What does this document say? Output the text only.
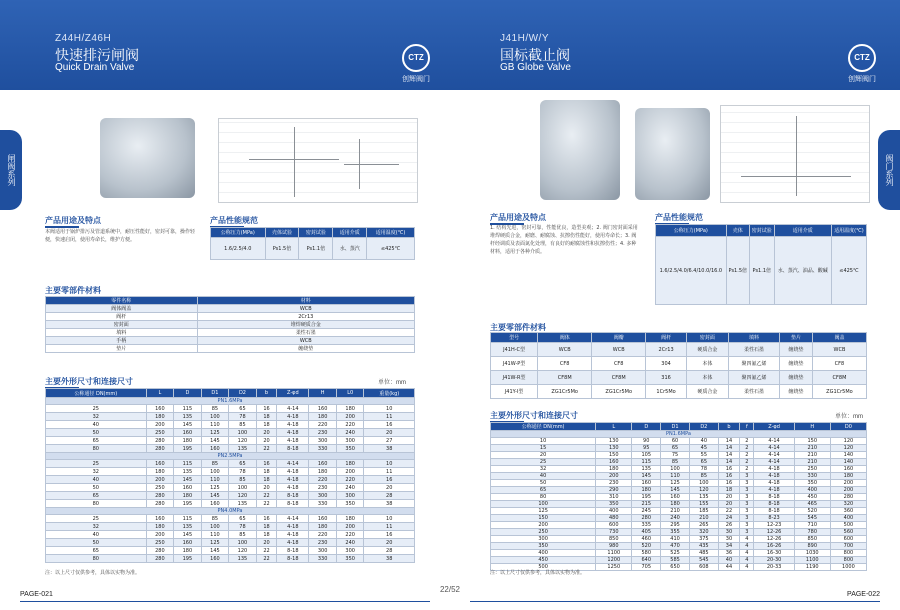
Z44H/Z46H
快速排污闸阀
Quick Drain Valve
闸阀系列
产品用途及特点
本阀适用于锅炉排污及管道系统中，耐压性能好，密封可靠，操作轻便，快速启闭，使用寿命长，维护方便。
产品性能规范
公称压力(MPa)	壳体试验	密封试验	适用介质	适用温度(℃)
1.6/2.5/4.0	Ps1.5倍	Ps1.1倍	水、蒸汽	≤425℃
主要零部件材料
零件名称	材料
阀体阀盖	WCB
阀杆	2Cr13
密封面	堆焊硬质合金
填料	柔性石墨
手柄	WCB
垫片	缠绕垫
主要外形尺寸和连接尺寸	单位：mm
公称通径 DN(mm)	L	D	D1	D2	b	Z-φd	H	L0	重量(kg)
PN1.6MPa									
25	160	115	85	65	16	4-14	160	180	10
32	180	135	100	78	18	4-18	180	200	11
40	200	145	110	85	18	4-18	220	220	16
50	250	160	125	100	20	4-18	230	240	20
65	280	180	145	120	20	4-18	300	300	27
80	280	195	160	135	22	8-18	330	350	38
PN2.5MPa									
25	160	115	85	65	16	4-14	160	180	10
32	180	135	100	78	18	4-18	180	200	11
40	200	145	110	85	18	4-18	220	220	16
50	250	160	125	100	20	4-18	230	240	20
65	280	180	145	120	22	8-18	300	300	28
80	280	195	160	135	22	8-18	330	350	38
PN4.0MPa									
25	160	115	85	65	16	4-14	160	180	10
32	180	135	100	78	18	4-18	180	200	11
40	200	145	110	85	18	4-18	220	220	16
50	250	160	125	100	20	4-18	230	240	20
65	280	180	145	120	22	8-18	300	300	28
80	280	195	160	135	22	8-18	330	350	38
注：以上尺寸仅供参考，具体以实物为准。
PAGE-021
J41H/W/Y
国标截止阀
GB Globe Valve
阀门系列
产品用途及特点
1. 结构先进，密封可靠，性能优良，造型美观；2. 阀门密封面采用堆焊硬质合金，耐磨、耐腐蚀、抗擦伤性能好，使用寿命长；3. 阀杆经调质及表面氮化处理，有良好的耐腐蚀性和抗擦伤性；4. 多种材料，适用于各种介质。
产品性能规范
公称压力(MPa)	壳体	密封试验	适用介质	适用温度(℃)
1.6/2.5/4.0/6.4/10.0/16.0	Ps1.5倍	Ps1.1倍	水、蒸汽、油品、酸碱	≤425℃
主要零部件材料
型号	阀体	阀瓣	阀杆	密封面	填料	垫片	阀盖
J41H-C型	WCB	WCB	2Cr13	硬质合金	柔性石墨	缠绕垫	WCB
J41W-P型	CF8	CF8	304	本体	聚四氟乙烯	缠绕垫	CF8
J41W-R型	CF8M	CF8M	316	本体	聚四氟乙烯	缠绕垫	CF8M
J41Y-I型	ZG1Cr5Mo	ZG1Cr5Mo	1Cr5Mo	硬质合金	柔性石墨	缠绕垫	ZG1Cr5Mo
主要外形尺寸和连接尺寸	单位：mm
公称通径 DN(mm)	L	D	D1	D2	b	f	Z-φd	H	D0
PN1.6MPa									
10	130	90	60	40	14	2	4-14	150	120
15	130	95	65	45	14	2	4-14	210	120
20	150	105	75	55	14	2	4-14	210	140
25	160	115	85	65	14	2	4-14	210	140
32	180	135	100	78	16	2	4-18	250	160
40	200	145	110	85	16	3	4-18	330	180
50	230	160	125	100	16	3	4-18	350	200
65	290	180	145	120	18	3	4-18	400	200
80	310	195	160	135	20	3	8-18	450	280
100	350	215	180	155	20	3	8-18	465	320
125	400	245	210	185	22	3	8-18	520	360
150	480	280	240	210	24	3	8-23	545	400
200	600	335	295	265	26	3	12-23	710	500
250	730	405	355	320	30	3	12-26	780	560
300	850	460	410	375	30	4	12-26	850	600
350	980	520	470	435	34	4	16-26	890	700
400	1100	580	525	485	36	4	16-30	1030	800
450	1200	640	585	545	40	4	20-30	1100	800
500	1250	705	650	608	44	4	20-33	1190	1000
注：以上尺寸仅供参考，具体以实物为准。
PAGE-022
CTZ
创辉阀门
CTZ
创辉阀门
22/52
